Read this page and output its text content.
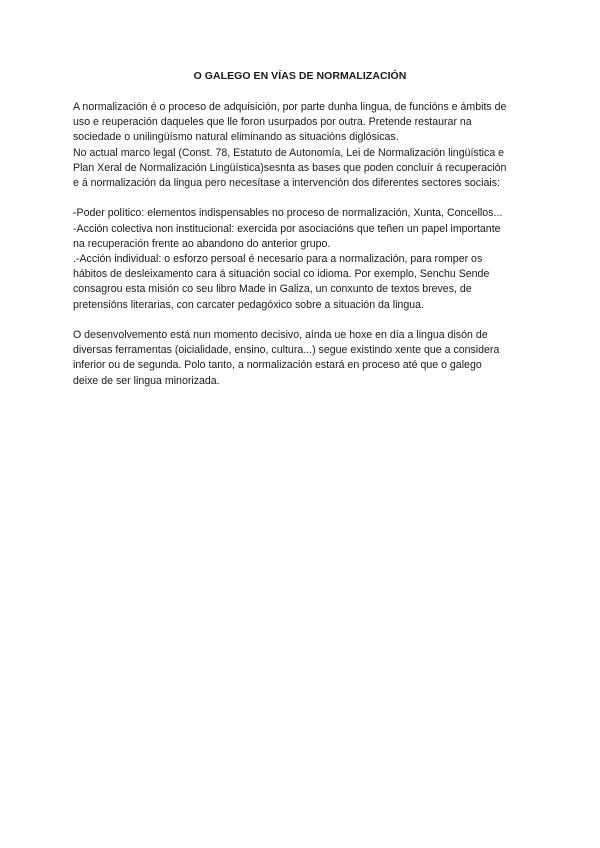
O GALEGO EN VÍAS DE NORMALIZACIÓN
A normalización é o proceso de adquisición, por parte dunha lingua, de funcións e ámbits de
uso e reuperación daqueles que lle foron usurpados por outra. Pretende restaurar na
sociedade o unilingüísmo natural eliminando as situacións diglósicas.
No actual marco legal (Const. 78, Estatuto de Autonomía, Lei de Normalización lingüística e
Plan Xeral de Normalización Lingüística)sesnta as bases que poden concluír á recuperación
e á normalización da lingua pero necesítase a intervención dos diferentes sectores sociais:
-Poder político: elementos indispensables no proceso de normalización, Xunta, Concellos...
-Acción colectiva non institucional: exercida por asociacións que teñen un papel importante
na recuperación frente ao abandono do anterior grupo.
.-Acción individual: o esforzo persoal é necesario para a normalización, para romper os
hábitos de desleixamento cara á situación social co idioma. Por exemplo, Senchu Sende
consagrou esta misión co seu libro Made in Galiza, un conxunto de textos breves, de
pretensións literarias, con carcater pedagóxico sobre a situación da lingua.
O desenvolvemento está nun momento decisivo, aínda ue hoxe en día a lingua disón de
diversas ferramentas (oicialidade, ensino, cultura...) segue existindo xente que a considera
inferior ou de segunda. Polo tanto, a normalización estará en proceso até que o galego
deixe de ser lingua minorizada.
